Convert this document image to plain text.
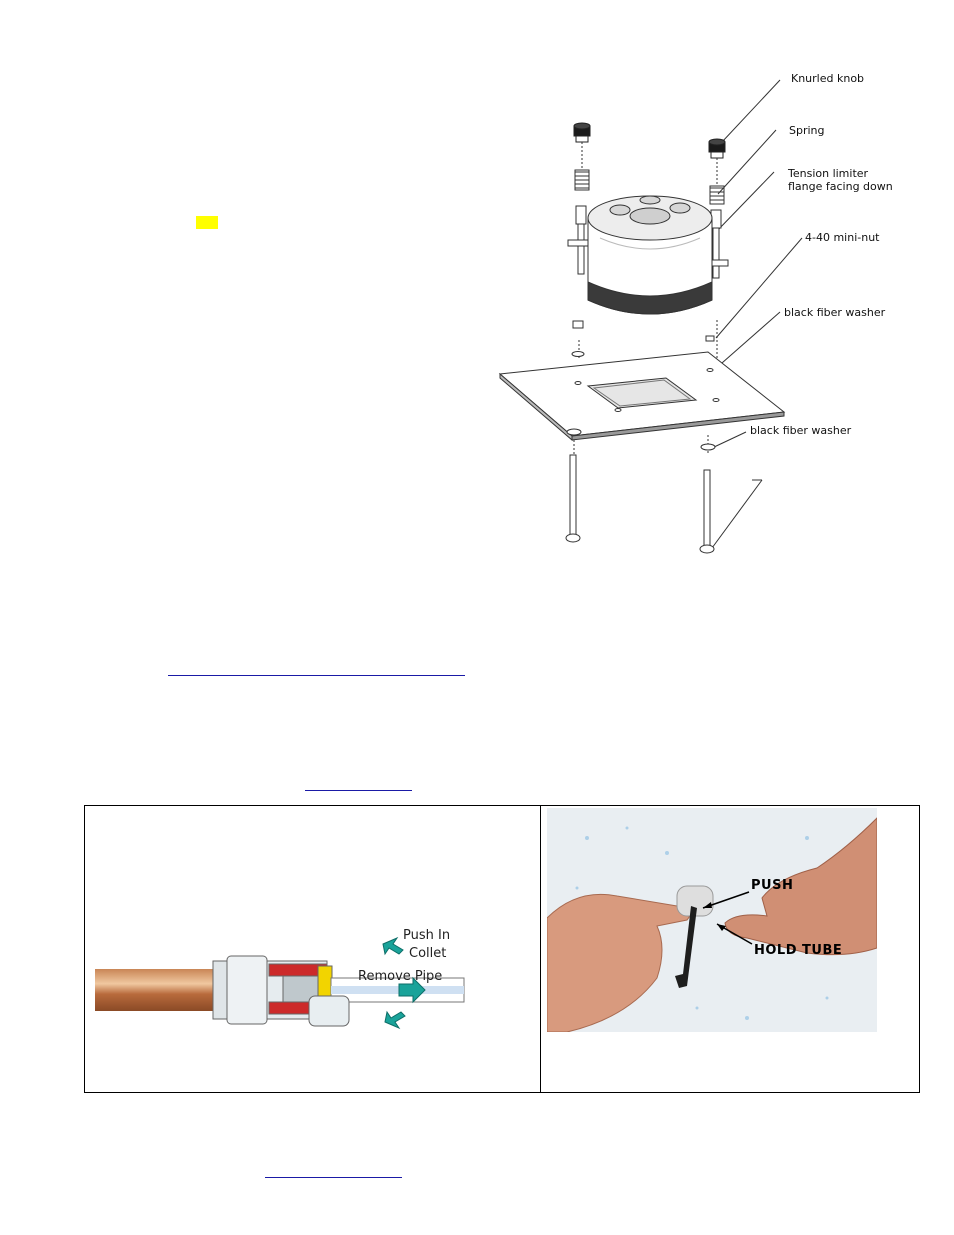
Knurled knob
Spring
Tension limiter
flange facing down
4-40 mini-nut
black fiber washer
black fiber washer
Push In
Collet
Remove Pipe
PUSH
HOLD TUBE
